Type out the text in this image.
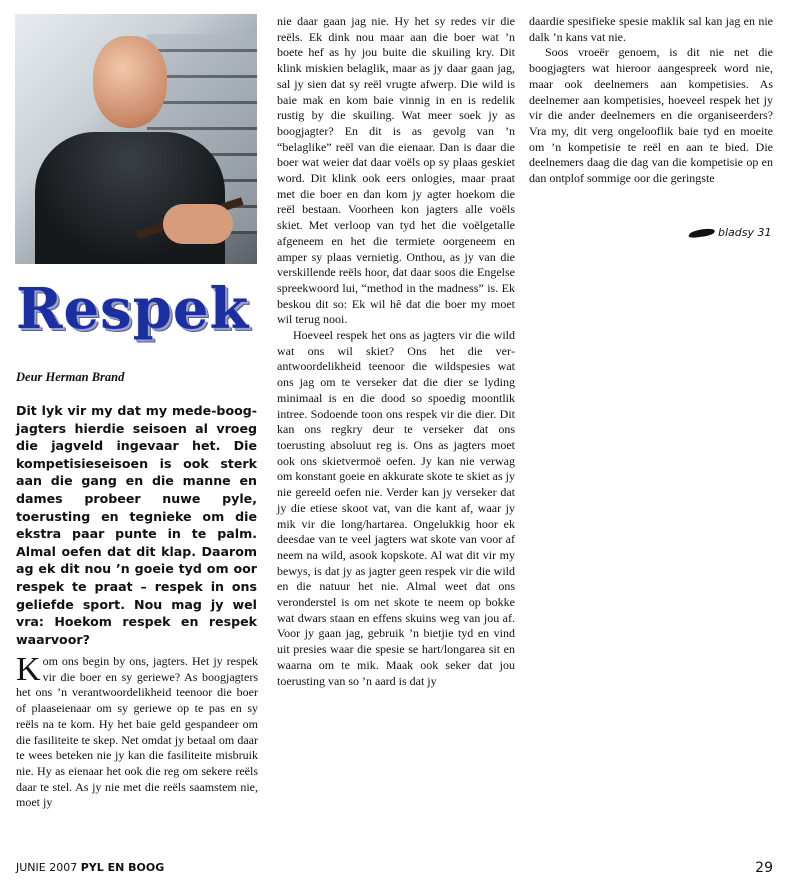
Respek
Deur Herman Brand

Dit lyk vir my dat my mede-boogjagters hierdie seisoen al vroeg die jagveld ingevaar het. Die kompetisieseisoen is ook sterk aan die gang en die manne en dames probeer nuwe pyle, toerusting en tegnieke om die ekstra paar punte in te palm. Almal oefen dat dit klap. Daarom ag ek dit nou ’n goeie tyd om oor respek te praat – respek in ons geliefde sport. Nou mag jy wel vra: Hoekom respek en respek waarvoor?

Kom ons begin by ons, jagters. Het jy respek vir die boer en sy geriewe? As boogjagters het ons ’n verantwoordelikheid teenoor die boer of plaaseienaar om sy geriewe op te pas en sy reëls na te kom. Hy het baie geld gespandeer om die fasiliteite te skep. Net omdat jy betaal om daar te wees beteken nie jy kan die fasiliteite misbruik nie. Hy as eienaar het ook die reg om sekere reëls daar te stel. As jy nie met die reëls saamstem nie, moet jy

nie daar gaan jag nie. Hy het sy redes vir die reëls. Ek dink nou maar aan die boer wat ’n boete hef as hy jou buite die skuiling kry. Dit klink miskien belaglik, maar as jy daar gaan jag, sal jy sien dat sy reël vrugte afwerp. Die wild is baie mak en kom baie vinnig in en is redelik rustig by die skuiling. Wat meer soek jy as boogjagter? En dit is as gevolg van ’n “belaglike” reël van die eienaar. Dan is daar die boer wat weier dat daar voëls op sy plaas geskiet word. Dit klink ook eers onlogies, maar praat met die boer en dan kom jy agter hoekom die reël bestaan. Voorheen kon jagters alle voëls skiet. Met verloop van tyd het die voëlgetalle afgeneem en het die termiete oorgeneem en amper sy plaas vernietig. Onthou, as jy van die verskillende reëls hoor, dat daar soos die Engelse spreekwoord lui, “method in the madness” is. Ek beskou dit so: Ek wil hê dat die boer my moet wil terug nooi.

Hoeveel respek het ons as jagters vir die wild wat ons wil skiet? Ons het die verantwoordelikheid teenoor die wildspesies wat ons jag om te verseker dat die dier se lyding minimaal is en die dood so spoedig moontlik intree. Sodoende toon ons respek vir die dier. Dit kan ons regkry deur te verseker dat ons toerusting absoluut reg is. Ons as jagters moet ook ons skietvermoë oefen. Jy kan nie verwag om konstant goeie en akkurate skote te skiet as jy nie gereeld oefen nie. Verder kan jy verseker dat jy die etiese skoot vat, van die kant af, waar jy mik vir die long/hartarea. Ongelukkig hoor ek deesdae van te veel jagters wat skote van voor af neem na wild, asook kopskote. Al wat dit vir my bewys, is dat jy as jagter geen respek vir die wild en die natuur het nie. Almal weet dat ons veronderstel is om net skote te neem op bokke wat dwars staan en effens skuins weg van jou af. Voor jy gaan jag, gebruik ’n bietjie tyd en vind uit presies waar die spesie se hart/longarea sit en waarna om te mik. Maak ook seker dat jou toerusting van so ’n aard is dat jy

daardie spesifieke spesie maklik sal kan jag en nie dalk ’n kans vat nie.

Soos vroeër genoem, is dit nie net die boogjagters wat hieroor aangespreek word nie, maar ook deelnemers aan kompetisies. As deelnemer aan kompetisies, hoeveel respek het jy vir die ander deelnemers en die organiseerders? Vra my, dit verg ongelooflik baie tyd en moeite om ’n kompetisie te reël en aan te bied. Die deelnemers daag die dag van die kompetisie op en dan ontplof sommige oor die geringste

bladsy 31
JUNIE 2007 PYL EN BOOG	29
